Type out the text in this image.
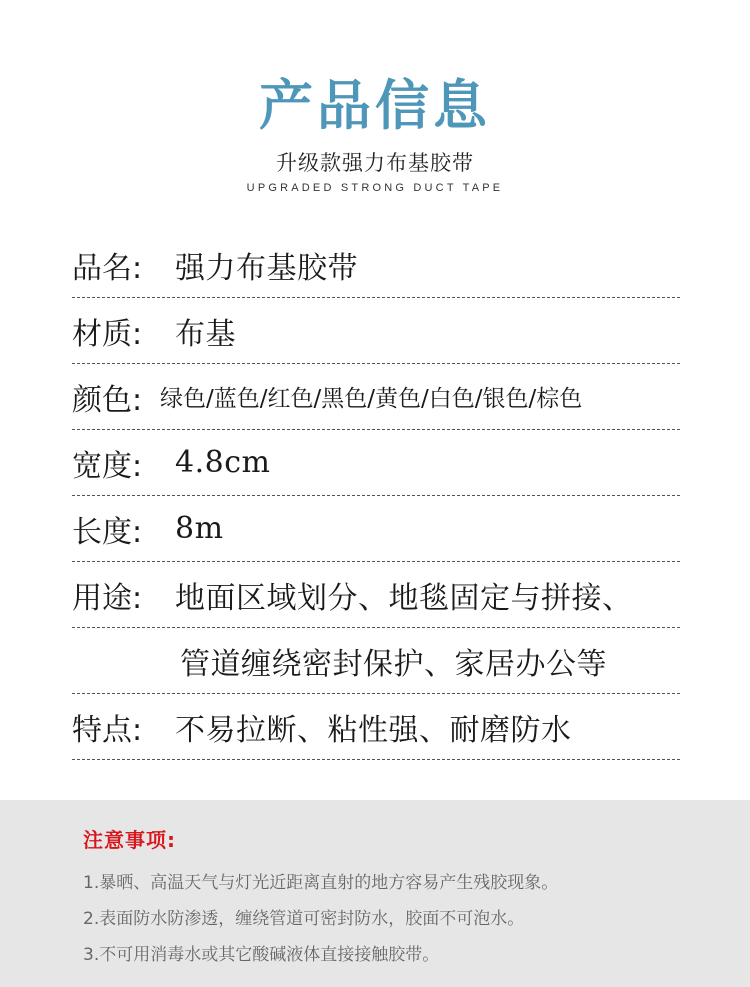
产品信息
升级款强力布基胶带
UPGRADED STRONG DUCT TAPE
品名:	强力布基胶带
材质:	布基
颜色: 绿色/蓝色/红色/黑色/黄色/白色/银色/棕色
宽度:	4.8cm
长度:	8m
用途:	地面区域划分、地毯固定与拼接、
管道缠绕密封保护、家居办公等
特点:	不易拉断、粘性强、耐磨防水
注意事项:
1.暴晒、高温天气与灯光近距离直射的地方容易产生残胶现象。
2.表面防水防渗透，缠绕管道可密封防水，胶面不可泡水。
3.不可用消毒水或其它酸碱液体直接接触胶带。
